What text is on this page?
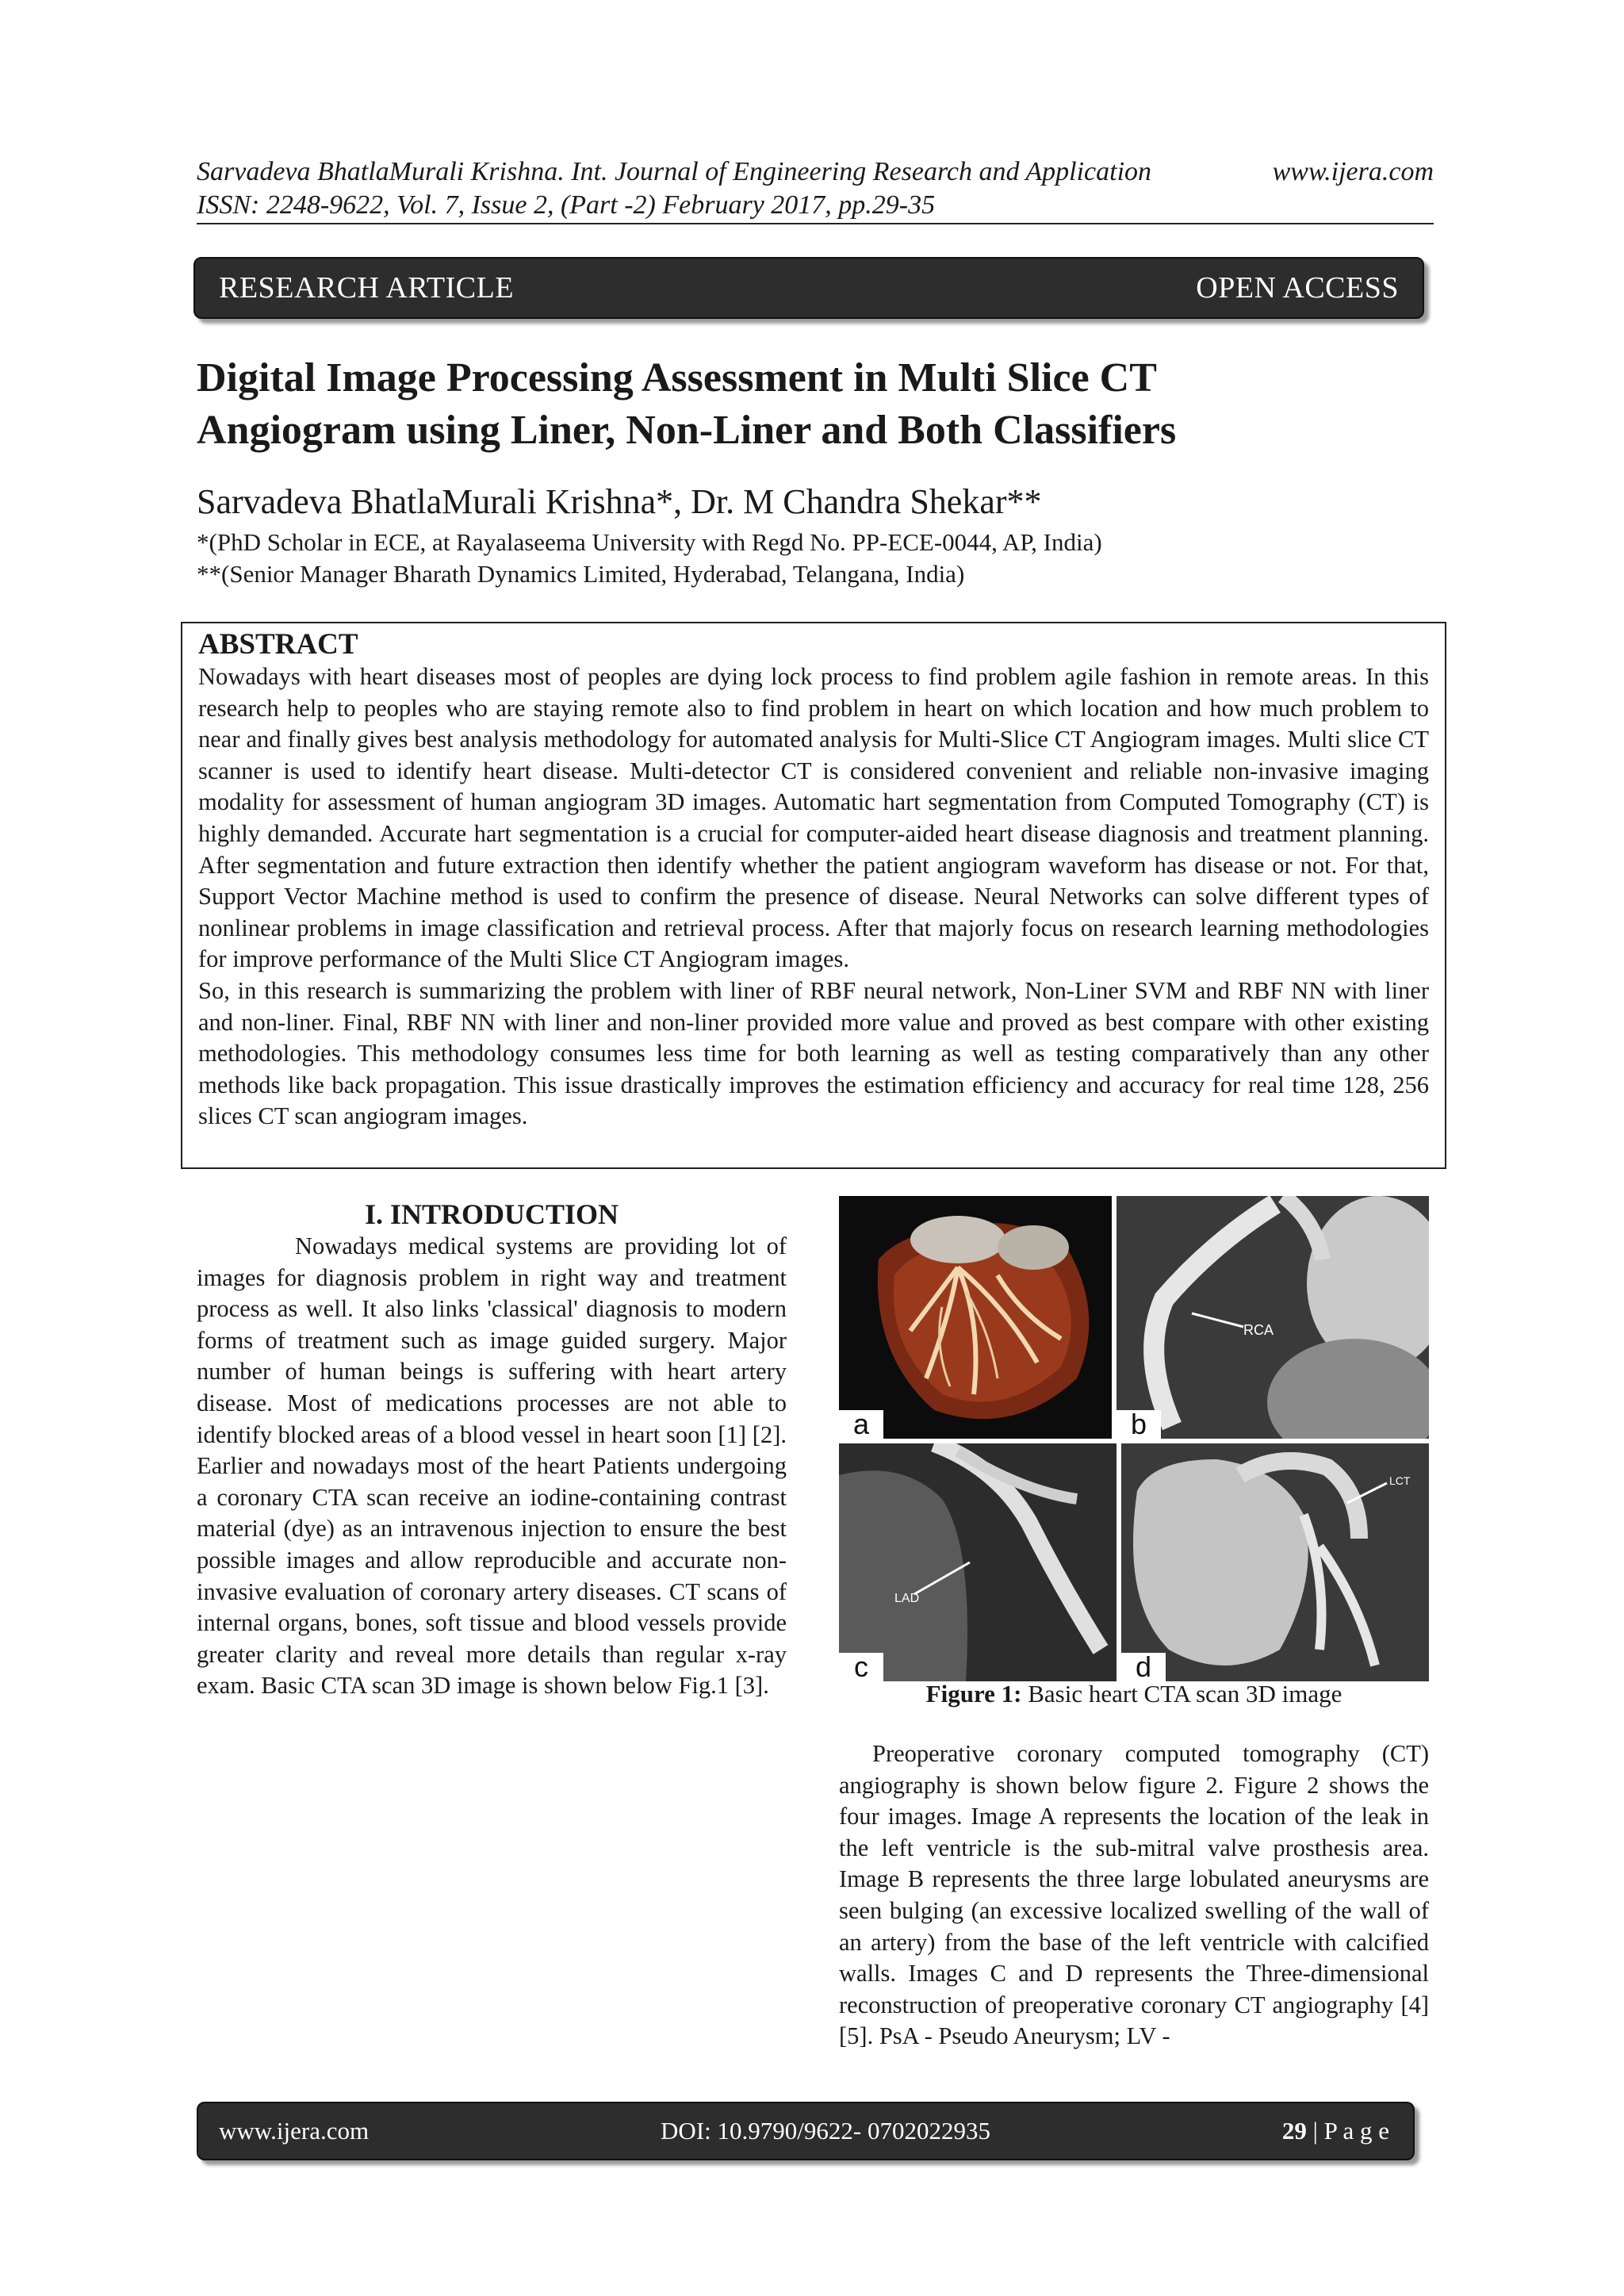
Sarvadeva BhatlaMurali Krishna. Int. Journal of Engineering Research and Application	www.ijera.com
ISSN: 2248-9622, Vol. 7, Issue 2, (Part -2) February 2017, pp.29-35
RESEARCH ARTICLE	OPEN ACCESS
Digital Image Processing Assessment in Multi Slice CT
Angiogram using Liner, Non-Liner and Both Classifiers
Sarvadeva BhatlaMurali Krishna*, Dr. M Chandra Shekar**
*(PhD Scholar in ECE, at Rayalaseema University with Regd No. PP-ECE-0044, AP, India)
**(Senior Manager Bharath Dynamics Limited, Hyderabad, Telangana, India)
ABSTRACT

Nowadays with heart diseases most of peoples are dying lock process to find problem agile fashion in remote areas. In this research help to peoples who are staying remote also to find problem in heart on which location and how much problem to near and finally gives best analysis methodology for automated analysis for Multi-Slice CT Angiogram images. Multi slice CT scanner is used to identify heart disease. Multi-detector CT is considered convenient and reliable non-invasive imaging modality for assessment of human angiogram 3D images. Automatic hart segmentation from Computed Tomography (CT) is highly demanded. Accurate hart segmentation is a crucial for computer-aided heart disease diagnosis and treatment planning. After segmentation and future extraction then identify whether the patient angiogram waveform has disease or not. For that, Support Vector Machine method is used to confirm the presence of disease. Neural Networks can solve different types of nonlinear problems in image classification and retrieval process. After that majorly focus on research learning methodologies for improve performance of the Multi Slice CT Angiogram images.

So, in this research is summarizing the problem with liner of RBF neural network, Non-Liner SVM and RBF NN with liner and non-liner. Final, RBF NN with liner and non-liner provided more value and proved as best compare with other existing methodologies. This methodology consumes less time for both learning as well as testing comparatively than any other methods like back propagation. This issue drastically improves the estimation efficiency and accuracy for real time 128, 256 slices CT scan angiogram images.

I. INTRODUCTION

Nowadays medical systems are providing lot of images for diagnosis problem in right way and treatment process as well. It also links 'classical' diagnosis to modern forms of treatment such as image guided surgery. Major number of human beings is suffering with heart artery disease. Most of medications processes are not able to identify blocked areas of a blood vessel in heart soon [1] [2]. Earlier and nowadays most of the heart Patients undergoing a coronary CTA scan receive an iodine-containing contrast material (dye) as an intravenous injection to ensure the best possible images and allow reproducible and accurate non-invasive evaluation of coronary artery diseases. CT scans of internal organs, bones, soft tissue and blood vessels provide greater clarity and reveal more details than regular x-ray exam. Basic CTA scan 3D image is shown below Fig.1 [3].

a
RCA
b
LAD
c
LCT
d
Figure 1: Basic heart CTA scan 3D image

Preoperative coronary computed tomography (CT) angiography is shown below figure 2. Figure 2 shows the four images. Image A represents the location of the leak in the left ventricle is the sub-mitral valve prosthesis area. Image B represents the three large lobulated aneurysms are seen bulging (an excessive localized swelling of the wall of an artery) from the base of the left ventricle with calcified walls. Images C and D represents the Three-dimensional reconstruction of preoperative coronary CT angiography [4] [5]. PsA - Pseudo Aneurysm; LV -

www.ijera.com	DOI: 10.9790/9622- 0702022935	29 | P a g e
